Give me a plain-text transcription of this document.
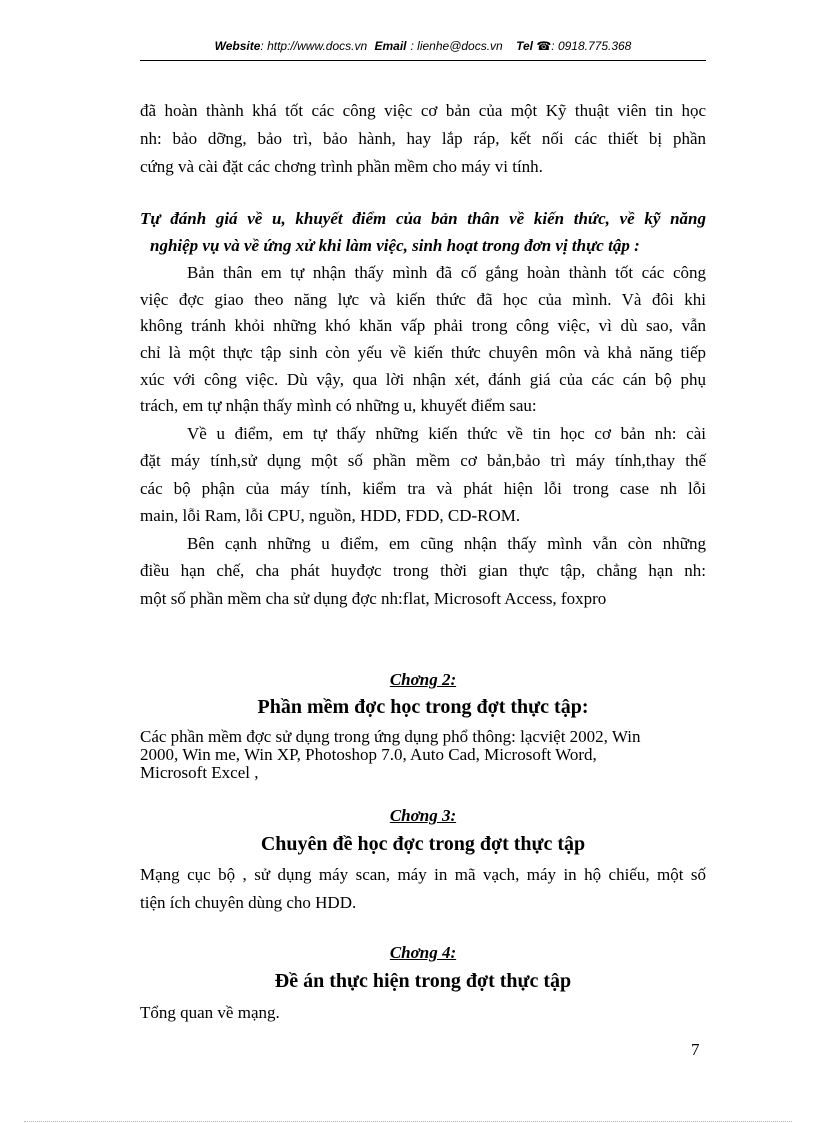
Website: http://www.docs.vn Email : lienhe@docs.vn Tel ☎: 0918.775.368
đã hoàn thành khá tốt các công việc cơ bản của một Kỹ thuật viên tin học
nh: bảo dỡng, bảo trì, bảo hành, hay lắp ráp, kết nối các thiết bị phần
cứng và cài đặt các chơng trình phần mềm cho máy vi tính.
Tự đánh giá về u, khuyết điểm của bản thân về kiến thức, về kỹ năng
nghiệp vụ và về ứng xử khi làm việc, sinh hoạt trong đơn vị thực tập :
Bản thân em tự nhận thấy mình đã cố gắng hoàn thành tốt các công
việc đợc giao theo năng lực và kiến thức đã học của mình. Và đôi khi
không tránh khỏi những khó khăn vấp phải trong công việc, vì dù sao, vẫn
chỉ là một thực tập sinh còn yếu về kiến thức chuyên môn và khả năng tiếp
xúc với công việc. Dù vậy, qua lời nhận xét, đánh giá của các cán bộ phụ
trách, em tự nhận thấy mình có những u, khuyết điểm sau:
Về u điểm, em tự thấy những kiến thức về tin học cơ bản nh: cài
đặt máy tính,sử dụng một số phần mềm cơ bản,bảo trì máy tính,thay thế
các bộ phận của máy tính, kiểm tra và phát hiện lỗi trong case nh lỗi
main, lỗi Ram, lỗi CPU, nguồn, HDD, FDD, CD-ROM.
Bên cạnh những u điểm, em cũng nhận thấy mình vẫn còn những
điều hạn chế, cha phát huyđợc trong thời gian thực tập, chẳng hạn nh:
một số phần mềm cha sử dụng đợc nh:flat, Microsoft Access, foxpro
Chơng 2:
Phần mềm đợc học trong đợt thực tập:
Các phần mềm đợc sử dụng trong ứng dụng phổ thông: lạcviệt 2002, Win
2000, Win me, Win XP, Photoshop 7.0, Auto Cad, Microsoft Word,
Microsoft Excel ,
Chơng 3:
Chuyên đề học đợc trong đợt thực tập
Mạng cục bộ , sử dụng máy scan, máy in mã vạch, máy in hộ chiếu, một số
tiện ích chuyên dùng cho HDD.
Chơng 4:
Đề án thực hiện trong đợt thực tập
Tổng quan về mạng.
7
